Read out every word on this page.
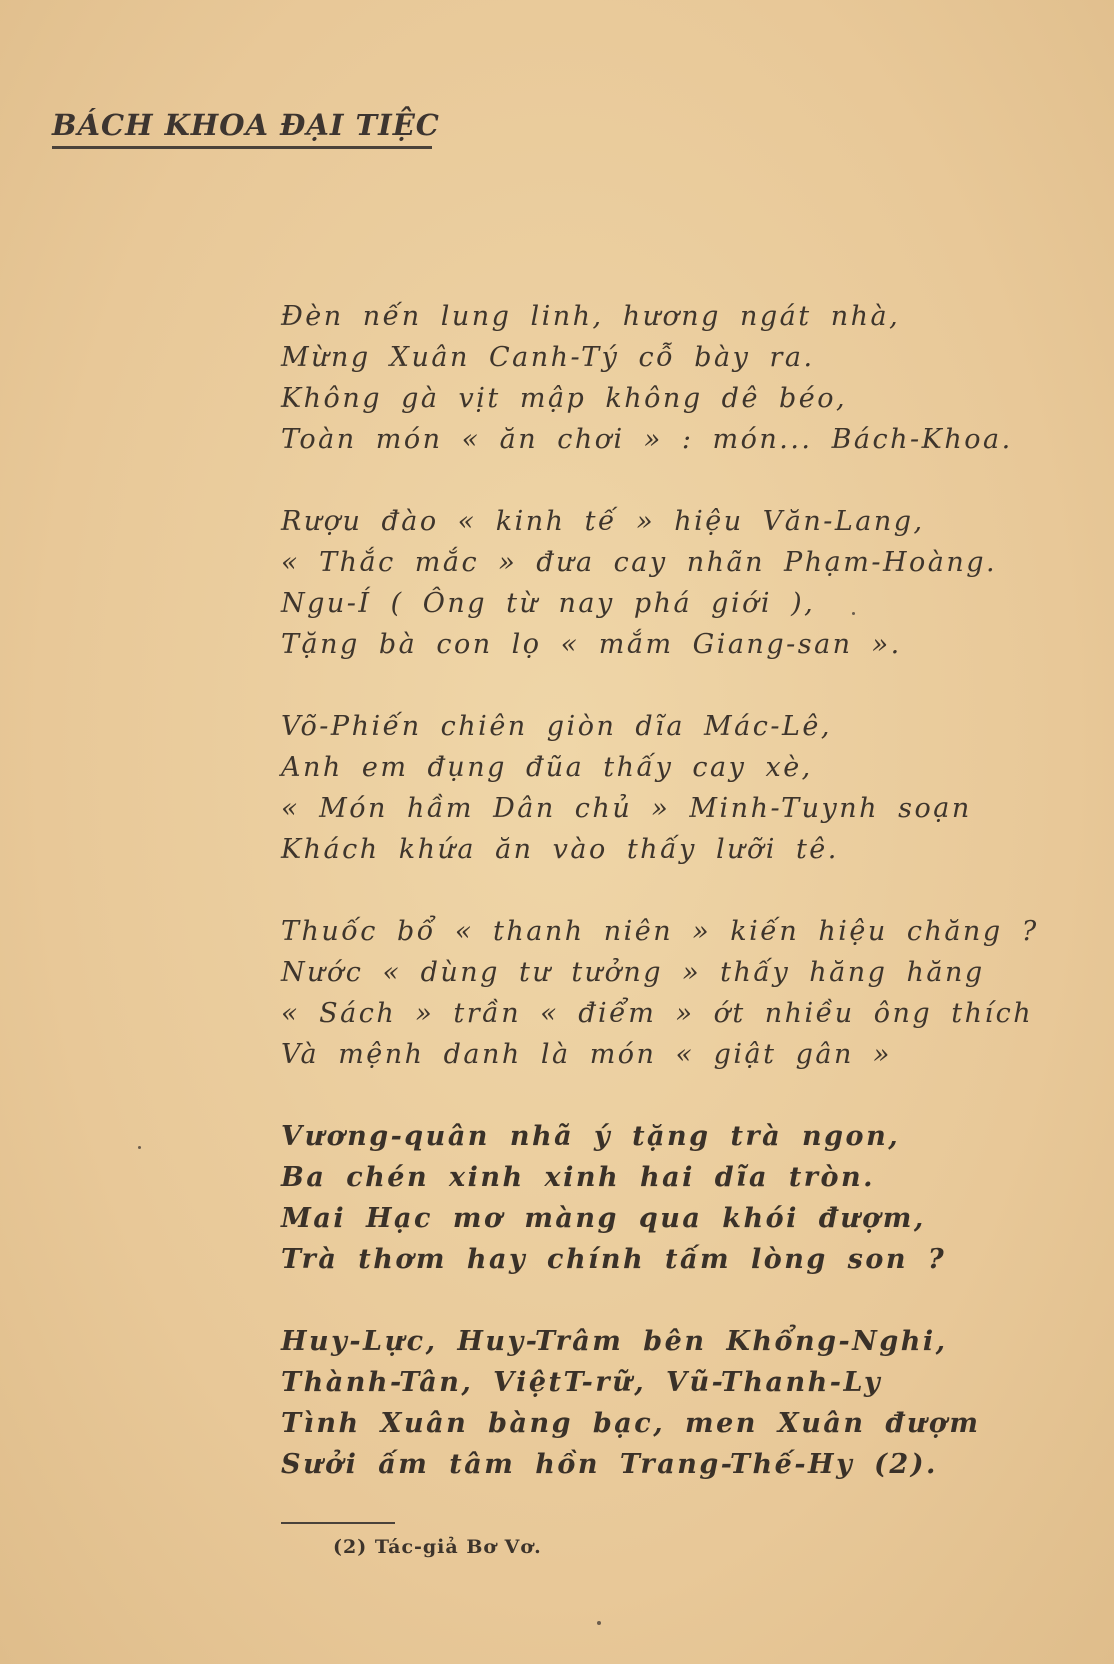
BÁCH KHOA ĐẠI TIỆC
Đèn nến lung linh, hương ngát nhà,
Mừng Xuân Canh-Tý cỗ bày ra.
Không gà vịt mập không dê béo,
Toàn món « ăn chơi » : món... Bách-Khoa.
Rượu đào « kinh tế » hiệu Văn-Lang,
« Thắc mắc » đưa cay nhãn Phạm-Hoàng.
Ngu-Í ( Ông từ nay phá giới ),
Tặng bà con lọ « mắm Giang-san ».
Võ-Phiến chiên giòn dĩa Mác-Lê,
Anh em đụng đũa thấy cay xè,
« Món hầm Dân chủ » Minh-Tuynh soạn
Khách khứa ăn vào thấy lưỡi tê.
Thuốc bổ « thanh niên » kiến hiệu chăng ?
Nước « dùng tư tưởng » thấy hăng hăng
« Sách » trần « điểm » ớt nhiều ông thích
Và mệnh danh là món « giật gân »
Vương-quân nhã ý tặng trà ngon,
Ba chén xinh xinh hai dĩa tròn.
Mai Hạc mơ màng qua khói đượm,
Trà thơm hay chính tấm lòng son ?
Huy-Lực, Huy-Trâm bên Khổng-Nghi,
Thành-Tân, ViệtT-rữ, Vũ-Thanh-Ly
Tình Xuân bàng bạc, men Xuân đượm
Sưởi ấm tâm hồn Trang-Thế-Hy (2).
(2) Tác-giả Bơ Vơ.
